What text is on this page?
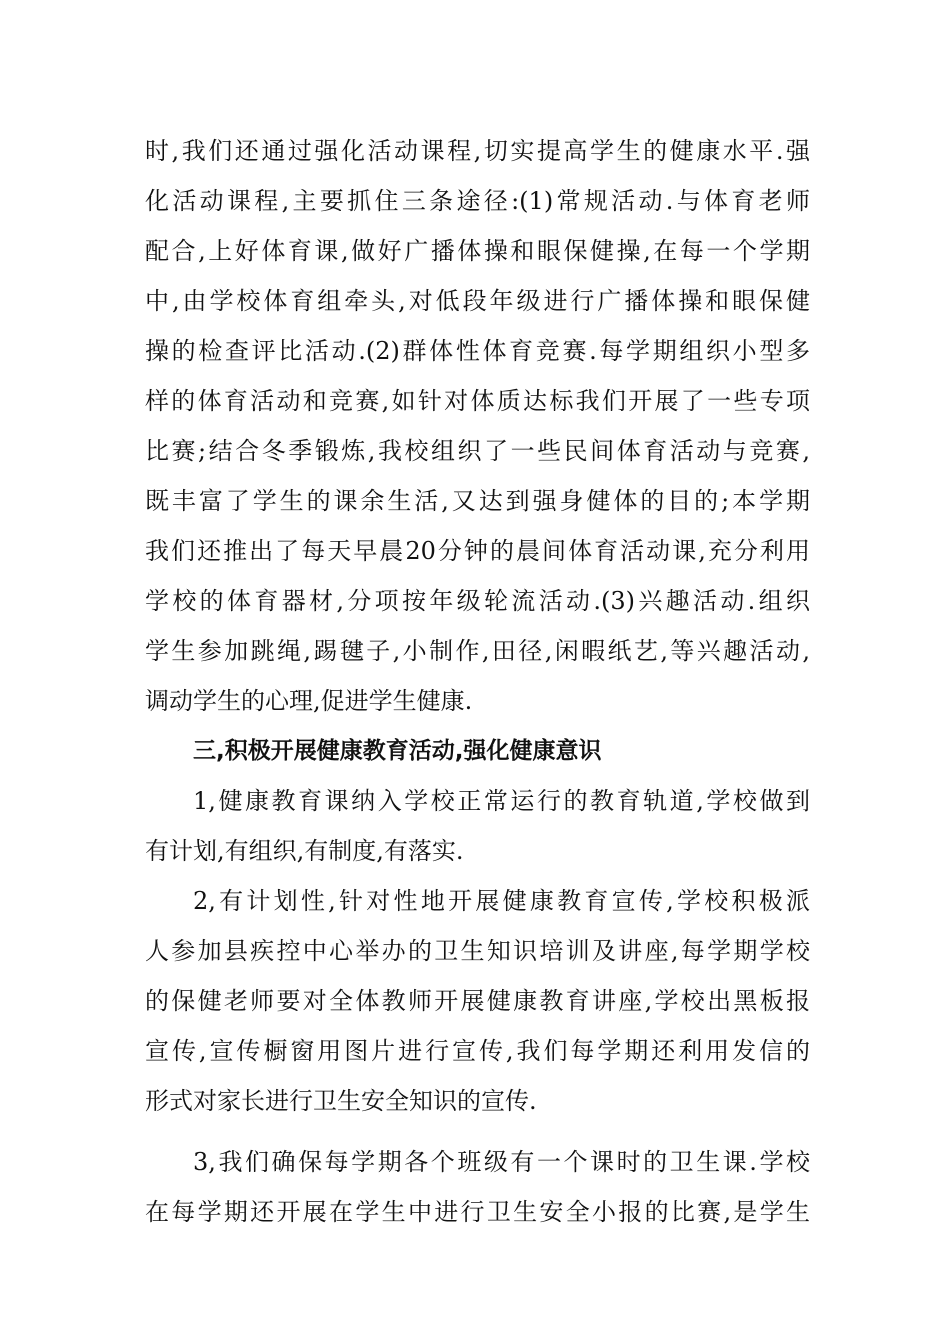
时,我们还通过强化活动课程,切实提高学生的健康水平.强
化活动课程,主要抓住三条途径:(1)常规活动.与体育老师
配合,上好体育课,做好广播体操和眼保健操,在每一个学期
中,由学校体育组牵头,对低段年级进行广播体操和眼保健
操的检查评比活动.(2)群体性体育竞赛.每学期组织小型多
样的体育活动和竞赛,如针对体质达标我们开展了一些专项
比赛;结合冬季锻炼,我校组织了一些民间体育活动与竞赛,
既丰富了学生的课余生活,又达到强身健体的目的;本学期
我们还推出了每天早晨20分钟的晨间体育活动课,充分利用
学校的体育器材,分项按年级轮流活动.(3)兴趣活动.组织
学生参加跳绳,踢毽子,小制作,田径,闲暇纸艺,等兴趣活动,
调动学生的心理,促进学生健康.
三,积极开展健康教育活动,强化健康意识
1,健康教育课纳入学校正常运行的教育轨道,学校做到
有计划,有组织,有制度,有落实.
2,有计划性,针对性地开展健康教育宣传,学校积极派
人参加县疾控中心举办的卫生知识培训及讲座,每学期学校
的保健老师要对全体教师开展健康教育讲座,学校出黑板报
宣传,宣传橱窗用图片进行宣传,我们每学期还利用发信的
形式对家长进行卫生安全知识的宣传.
3,我们确保每学期各个班级有一个课时的卫生课.学校
在每学期还开展在学生中进行卫生安全小报的比赛,是学生
